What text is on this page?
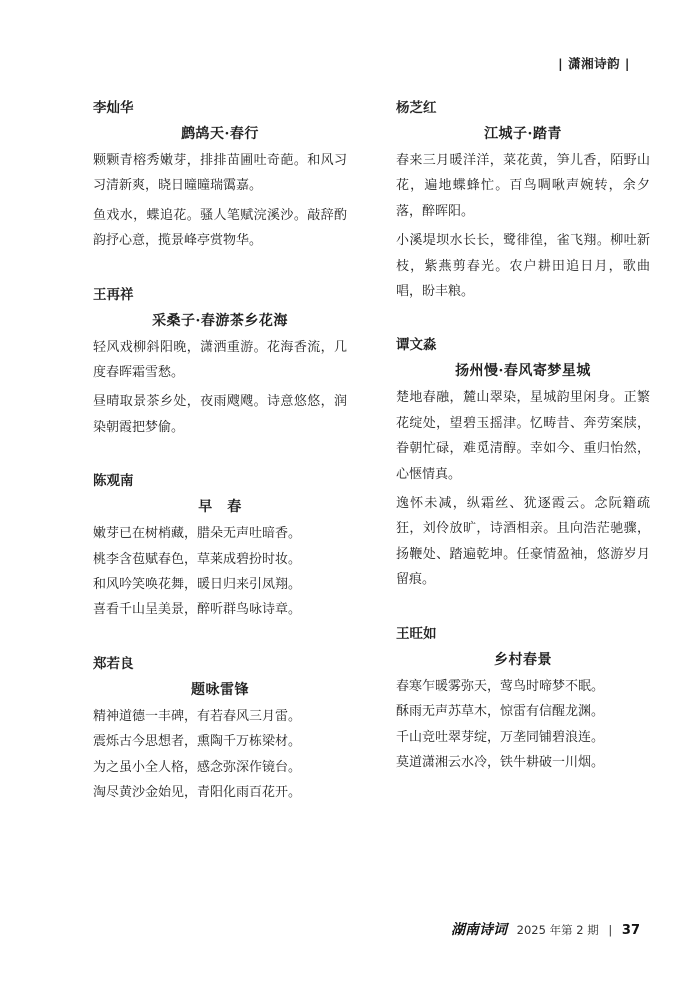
| 潇湘诗韵 |
李灿华
鹧鸪天·春行

颗颗青榕秀嫩芽，排排苗圃吐奇葩。和风习习清新爽，晓日曈曈瑞霭嘉。

鱼戏水，蝶追花。骚人笔赋浣溪沙。敲辞酌韵抒心意，揽景峰亭赏物华。

王再祥
采桑子·春游茶乡花海

轻风戏柳斜阳晚，潇洒重游。花海香流，几度春晖霜雪愁。

昼晴取景茶乡处，夜雨飕飕。诗意悠悠，润染朝霞把梦偷。

陈观南
早　春
嫩芽已在树梢藏，腊朵无声吐暗香。
桃李含苞赋春色，草莱成碧扮时妆。
和风吟笑唤花舞，暖日归来引凤翔。
喜看千山呈美景，醉听群鸟咏诗章。
郑若良
题咏雷锋
精神道德一丰碑，有若春风三月雷。
震烁古今思想者，熏陶千万栋梁材。
为之虽小全人格，感念弥深作镜台。
淘尽黄沙金始见，青阳化雨百花开。
杨芝红
江城子·踏青

春来三月暖洋洋，菜花黄，笋儿香，陌野山花，遍地蝶蜂忙。百鸟啁啾声婉转，余夕落，醉晖阳。

小溪堤坝水长长，鹭徘徨，雀飞翔。柳吐新枝，紫燕剪春光。农户耕田追日月，歌曲唱，盼丰粮。

谭文淼
扬州慢·春风寄梦星城

楚地春融，麓山翠染，星城韵里闲身。正繁花绽处，望碧玉摇津。忆畴昔、奔劳案牍，眷朝忙碌，难觅清醇。幸如今、重归怡然，心惬情真。

逸怀未减，纵霜丝、犹逐霞云。念阮籍疏狂，刘伶放旷，诗酒相亲。且向浩茫驰骤，扬鞭处、踏遍乾坤。任豪情盈袖，悠游岁月留痕。

王旺如
乡村春景
春寒乍暖雾弥天，莺鸟时啼梦不眠。
酥雨无声苏草木，惊雷有信醒龙渊。
千山竞吐翠芽绽，万垄同铺碧浪连。
莫道潇湘云水冷，铁牛耕破一川烟。
湖南诗词 2025 年第 2 期 | 37
